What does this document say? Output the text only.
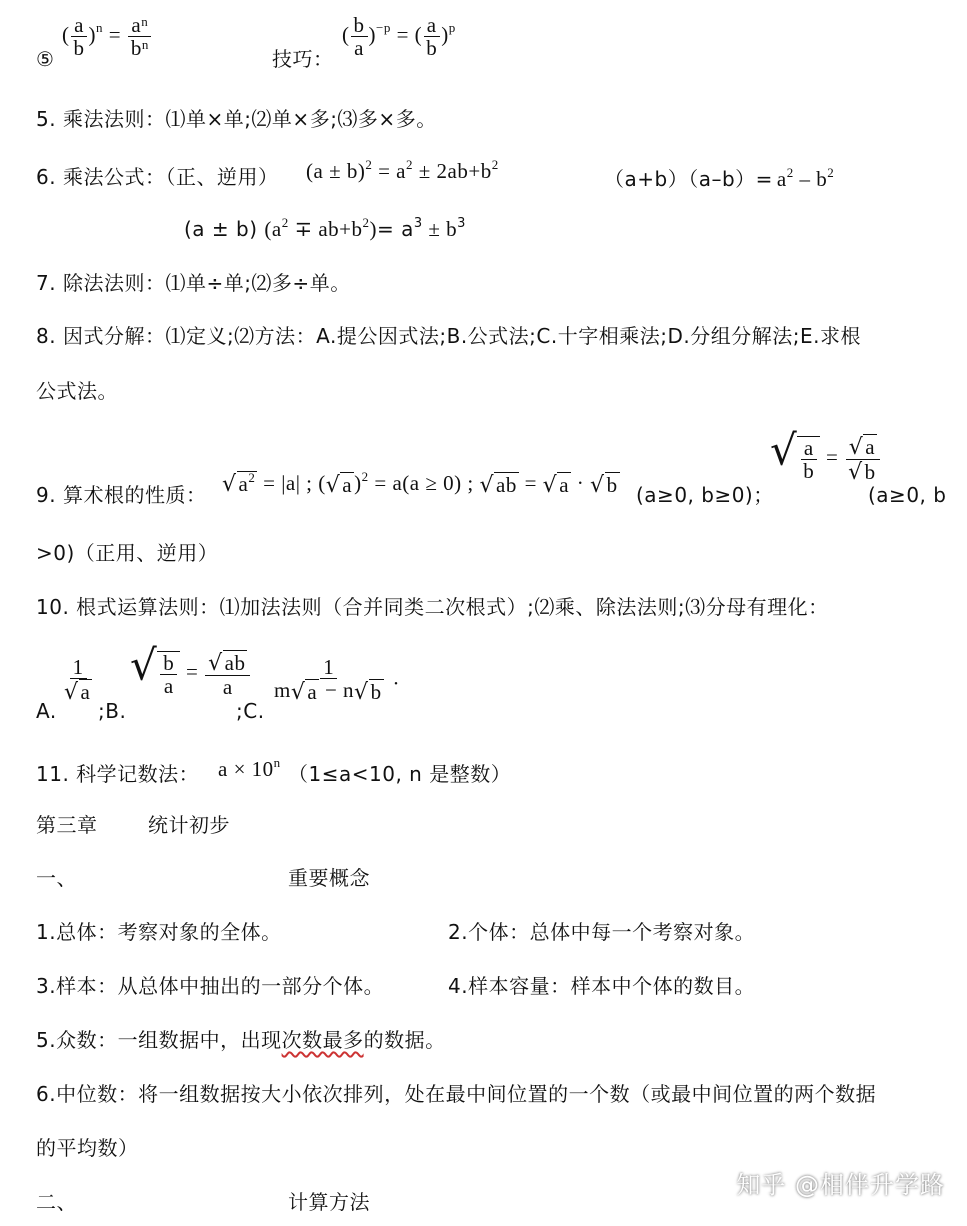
⑤
( $\frac{a}{b} )^n = \frac{a^n}{b^n}$	技巧：
( $\frac{b}{a} )^{-p}$ = ( $\frac{a}{b} )^p$
5. 乘法法则：⑴单×单;⑵单×多;⑶多×多。
6. 乘法公式：（正、逆用） $(a \pm b)^2 = a^2 \pm 2ab+b^2$
$(a+b)(a-b)= a^2 - b^2$
(a ± b) $(a^2 \mp ab+b^2)= a^3 \pm b^3$
7. 除法法则：⑴单÷单;⑵多÷单。
8. 因式分解：⑴定义;⑵方法：A.提公因式法;B.公式法;C.十字相乘法;D.分组分解法;E.求根
公式法。
9. 算术根的性质： $√a^2 = |a|$ ; $(√a)^2 = a(a \ge 0)$ ; √ab = √a · √b (a≥0, b≥0)；
√ $\frac{a}{b} = \frac{√a}{√b}$
(a≥0, b
>0)（正用、逆用）
10. 根式运算法则：⑴加法法则（合并同类二次根式）;⑵乘、除法法则;⑶分母有理化：
A.
$\frac{1}{√a}$
;B.
√ $\frac{b}{a} = \frac{√ab}{a}$
;C.
$\frac{1}{m√a - n√b}$ .
11. 科学记数法： $a \times 10^n$ （1≤a<10, n 是整数）
第三章	统计初步
一、	重要概念
1.总体：考察对象的全体。	2.个体：总体中每一个考察对象。
3.样本：从总体中抽出的一部分个体。	4.样本容量：样本中个体的数目。
5.众数：一组数据中，出现次数最多的数据。
6.中位数：将一组数据按大小依次排列，处在最中间位置的一个数（或最中间位置的两个数据
的平均数）
二、	计算方法
知乎 @相伴升学路
